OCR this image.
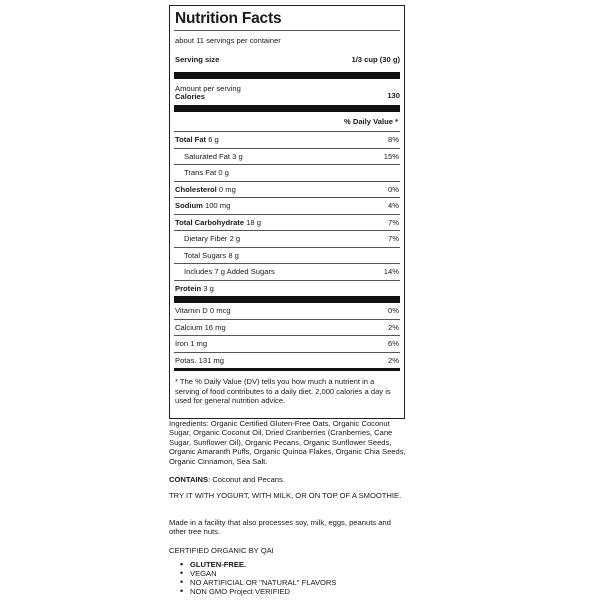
Nutrition Facts
about 11 servings per container
Serving size	1/3 cup (30 g)
Amount per serving
Calories	130
% Daily Value *
Total Fat 6 g	8%
Saturated Fat 3 g	15%
Trans Fat 0 g
Cholesterol 0 mg	0%
Sodium 100 mg	4%
Total Carbohydrate 18 g	7%
Dietary Fiber 2 g	7%
Total Sugars 8 g
Includes 7 g Added Sugars	14%
Protein 3 g
Vitamin D 0 mcg	0%
Calcium 16 mg	2%
Iron 1 mg	6%
Potas. 131 mg	2%
* The % Daily Value (DV) tells you how much a nutrient in a serving of food contributes to a daily diet. 2,000 calories a day is used for general nutrition advice.
Ingredients: Organic Certified Gluten-Free Oats, Organic Coconut Sugar, Organic Coconut Oil, Dried Cranberries (Cranberries, Cane Sugar, Sunflower Oil), Organic Pecans, Organic Sunflower Seeds, Organic Amaranth Puffs, Organic Quinoa Flakes, Organic Chia Seeds, Organic Cinnamon, Sea Salt.
CONTAINS: Coconut and Pecans.
TRY IT WITH YOGURT, WITH MILK, OR ON TOP OF A SMOOTHIE.
Made in a facility that also processes soy, milk, eggs, peanuts and other tree nuts.
CERTIFIED ORGANIC BY QAI
• GLUTEN-FREE.
• VEGAN
• NO ARTIFICIAL OR "NATURAL" FLAVORS
• NON GMO Project VERIFIED
